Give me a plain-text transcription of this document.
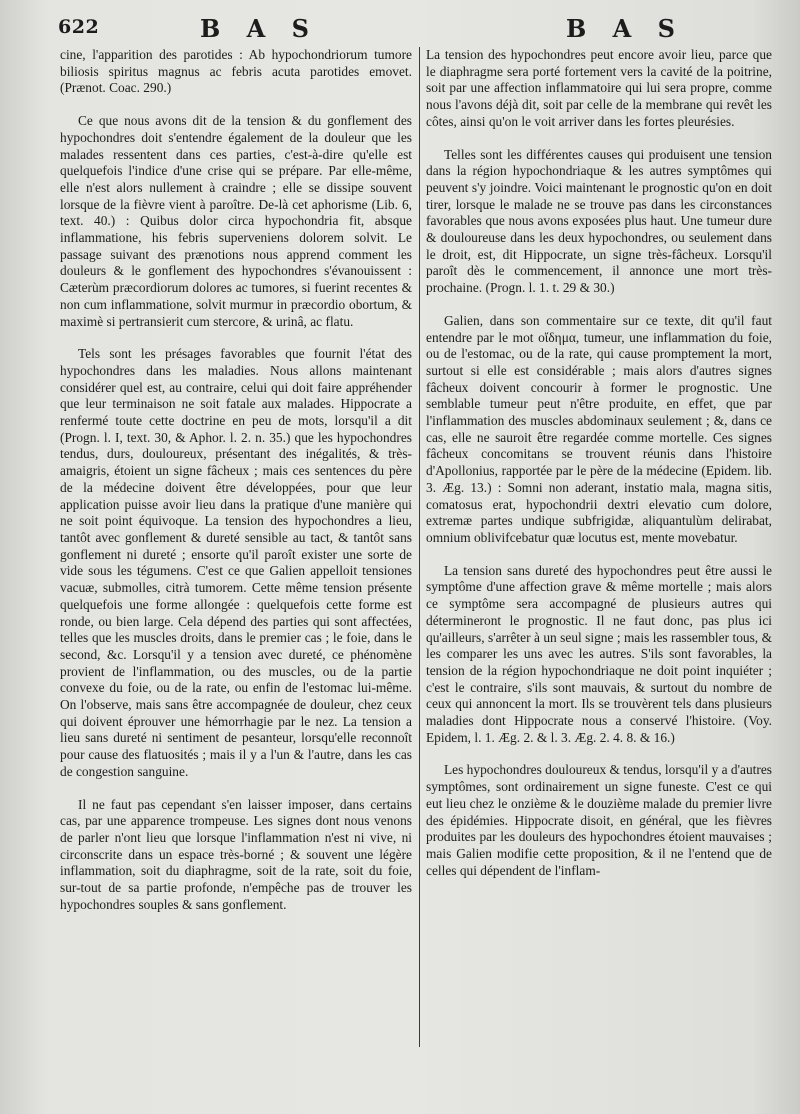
622	B A S	B A S

cine, l'apparition des parotides : Ab hypochondriorum tumore biliosis spiritus magnus ac febris acuta parotides emovet. (Prænot. Coac. 290.)

Ce que nous avons dit de la tension & du gonflement des hypochondres doit s'entendre également de la douleur que les malades ressentent dans ces parties, c'est-à-dire qu'elle est quelquefois l'indice d'une crise qui se prépare. Par elle-même, elle n'est alors nullement à craindre ; elle se dissipe souvent lorsque de la fièvre vient à paroître. De-là cet aphorisme (Lib. 6, text. 40.) : Quibus dolor circa hypochondria fit, absque inflammatione, his febris superveniens dolorem solvit. Le passage suivant des prænotions nous apprend comment les douleurs & le gonflement des hypochondres s'évanouissent : Cæterùm præcordiorum dolores ac tumores, si fuerint recentes & non cum inflammatione, solvit murmur in præcordio obortum, & maximè si pertransierit cum stercore, & urinâ, ac flatu.

Tels sont les présages favorables que fournit l'état des hypochondres dans les maladies. Nous allons maintenant considérer quel est, au contraire, celui qui doit faire appréhender que leur terminaison ne soit fatale aux malades. Hippocrate a renfermé toute cette doctrine en peu de mots, lorsqu'il a dit (Progn. l. I, text. 30, & Aphor. l. 2. n. 35.) que les hypochondres tendus, durs, douloureux, présentant des inégalités, & très-amaigris, étoient un signe fâcheux ; mais ces sentences du père de la médecine doivent être développées, pour que leur application puisse avoir lieu dans la pratique d'une manière qui ne soit point équivoque. La tension des hypochondres a lieu, tantôt avec gonflement & dureté sensible au tact, & tantôt sans gonflement ni dureté ; ensorte qu'il paroît exister une sorte de vide sous les tégumens. C'est ce que Galien appelloit tensiones vacuæ, submolles, citrà tumorem. Cette même tension présente quelquefois une forme allongée : quelquefois cette forme est ronde, ou bien large. Cela dépend des parties qui sont affectées, telles que les muscles droits, dans le premier cas ; le foie, dans le second, &c. Lorsqu'il y a tension avec dureté, ce phénomène provient de l'inflammation, ou des muscles, ou de la partie convexe du foie, ou de la rate, ou enfin de l'estomac lui-même. On l'observe, mais sans être accompagnée de douleur, chez ceux qui doivent éprouver une hémorrhagie par le nez. La tension a lieu sans dureté ni sentiment de pesanteur, lorsqu'elle reconnoît pour cause des flatuosités ; mais il y a l'un & l'autre, dans les cas de congestion sanguine.

Il ne faut pas cependant s'en laisser imposer, dans certains cas, par une apparence trompeuse. Les signes dont nous venons de parler n'ont lieu que lorsque l'inflammation n'est ni vive, ni circonscrite dans un espace très-borné ; & souvent une légère inflammation, soit du diaphragme, soit de la rate, soit du foie, sur-tout de sa partie profonde, n'empêche pas de trouver les hypochondres souples & sans gonflement.

La tension des hypochondres peut encore avoir lieu, parce que le diaphragme sera porté fortement vers la cavité de la poitrine, soit par une affection inflammatoire qui lui sera propre, comme nous l'avons déjà dit, soit par celle de la membrane qui revêt les côtes, ainsi qu'on le voit arriver dans les fortes pleurésies.

Telles sont les différentes causes qui produisent une tension dans la région hypochondriaque & les autres symptômes qui peuvent s'y joindre. Voici maintenant le prognostic qu'on en doit tirer, lorsque le malade ne se trouve pas dans les circonstances favorables que nous avons exposées plus haut. Une tumeur dure & douloureuse dans les deux hypochondres, ou seulement dans le droit, est, dit Hippocrate, un signe très-fâcheux. Lorsqu'il paroît dès le commencement, il annonce une mort très-prochaine. (Progn. l. 1. t. 29 & 30.)

Galien, dans son commentaire sur ce texte, dit qu'il faut entendre par le mot οἴδημα, tumeur, une inflammation du foie, ou de l'estomac, ou de la rate, qui cause promptement la mort, surtout si elle est considérable ; mais alors d'autres signes fâcheux doivent concourir à former le prognostic. Une semblable tumeur peut n'être produite, en effet, que par l'inflammation des muscles abdominaux seulement ; &, dans ce cas, elle ne sauroit être regardée comme mortelle. Ces signes fâcheux concomitans se trouvent réunis dans l'histoire d'Apollonius, rapportée par le père de la médecine (Epidem. lib. 3. Æg. 13.) : Somni non aderant, instatio mala, magna sitis, comatosus erat, hypochondrii dextri elevatio cum dolore, extremæ partes undique subfrigidæ, aliquantulùm delirabat, omnium oblivifcebatur quæ locutus est, mente movebatur.

La tension sans dureté des hypochondres peut être aussi le symptôme d'une affection grave & même mortelle ; mais alors ce symptôme sera accompagné de plusieurs autres qui détermineront le prognostic. Il ne faut donc, pas plus ici qu'ailleurs, s'arrêter à un seul signe ; mais les rassembler tous, & les comparer les uns avec les autres. S'ils sont favorables, la tension de la région hypochondriaque ne doit point inquiéter ; c'est le contraire, s'ils sont mauvais, & surtout du nombre de ceux qui annoncent la mort. Ils se trouvèrent tels dans plusieurs maladies dont Hippocrate nous a conservé l'histoire. (Voy. Epidem, l. 1. Æg. 2. & l. 3. Æg. 2. 4. 8. & 16.)

Les hypochondres douloureux & tendus, lorsqu'il y a d'autres symptômes, sont ordinairement un signe funeste. C'est ce qui eut lieu chez le onzième & le douzième malade du premier livre des épidémies. Hippocrate disoit, en général, que les fièvres produites par les douleurs des hypochondres étoient mauvaises ; mais Galien modifie cette proposition, & il ne l'entend que de celles qui dépendent de l'inflam-
